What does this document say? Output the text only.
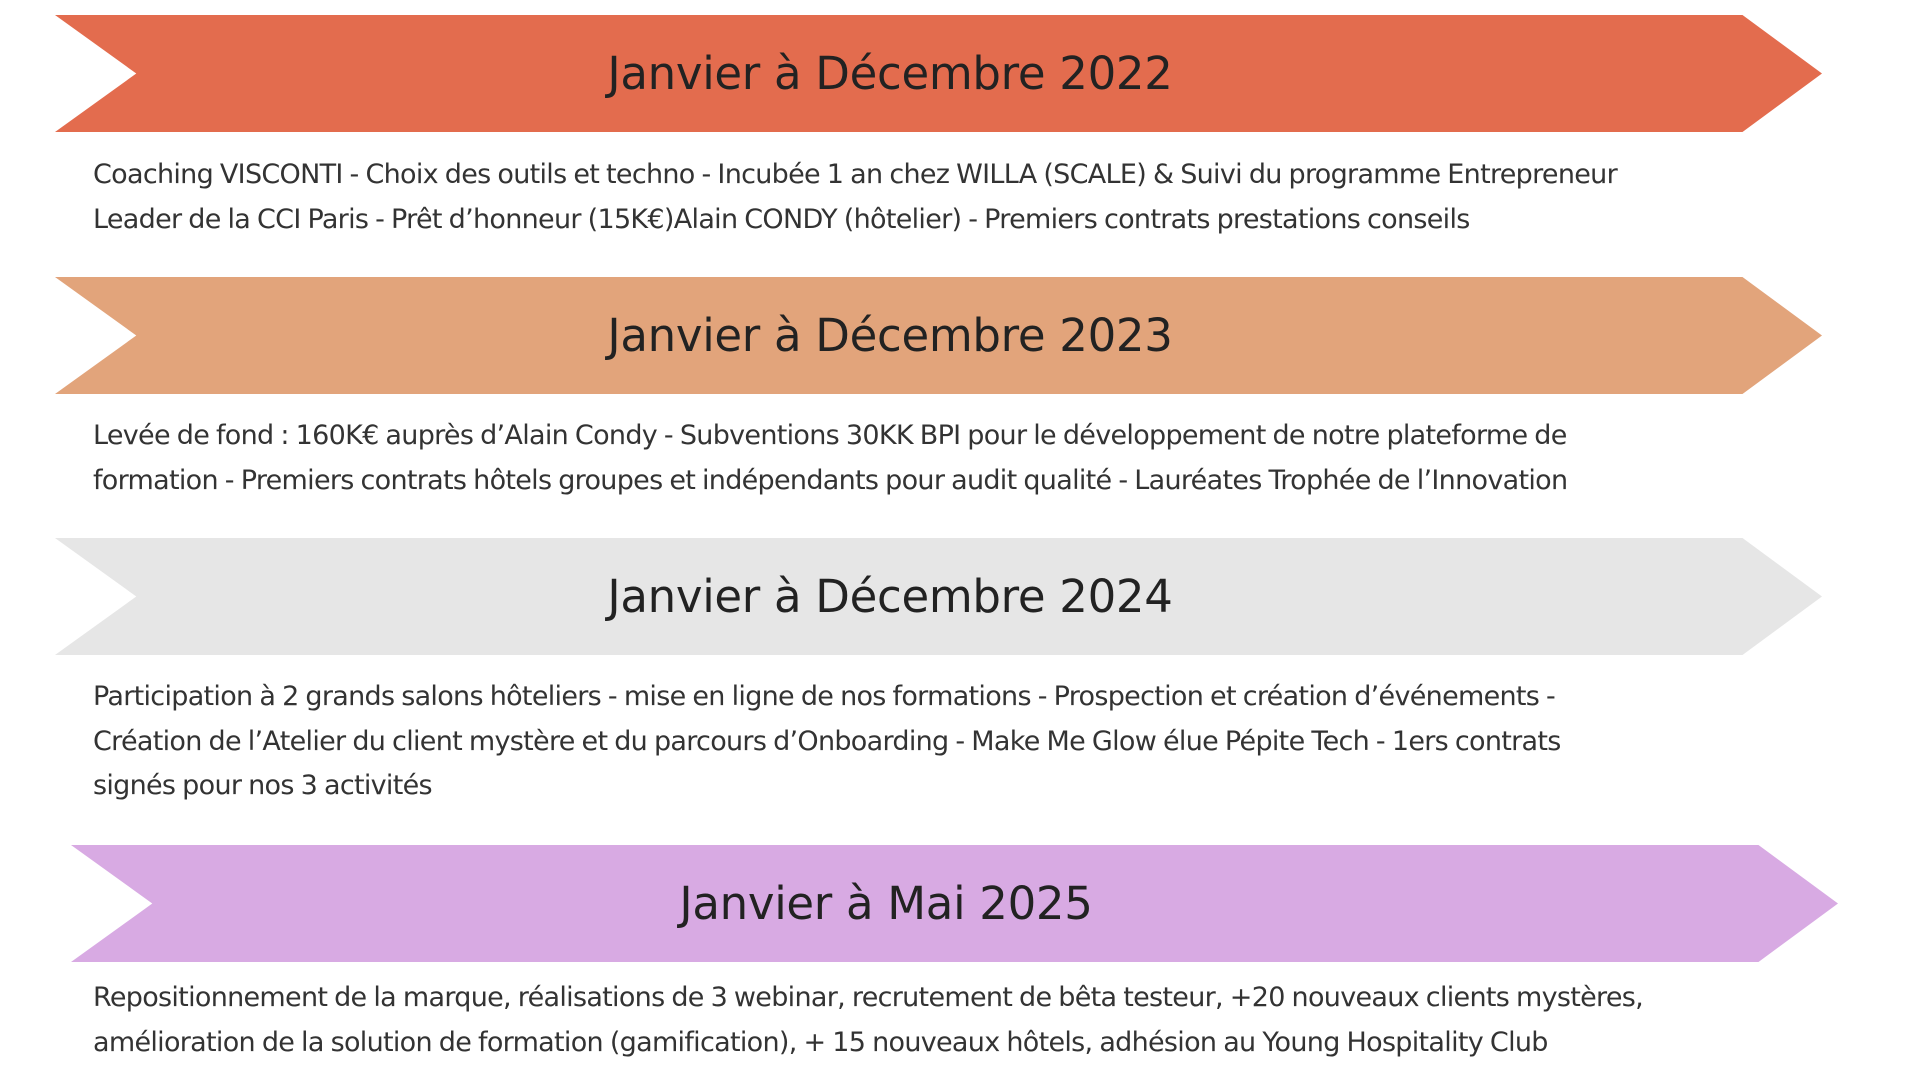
Janvier à Décembre 2022
Coaching VISCONTI - Choix des outils et techno - Incubée 1 an chez WILLA (SCALE) & Suivi du programme Entrepreneur
Leader de la CCI Paris - Prêt d’honneur (15K€)Alain CONDY (hôtelier) - Premiers contrats prestations conseils
Janvier à Décembre 2023
Levée de fond : 160K€ auprès d’Alain Condy - Subventions 30KK BPI pour le développement de notre plateforme de
formation - Premiers contrats hôtels groupes et indépendants pour audit qualité - Lauréates Trophée de l’Innovation
Janvier à Décembre 2024
Participation à 2 grands salons hôteliers - mise en ligne de nos formations - Prospection et création d’événements -
Création de l’Atelier du client mystère et du parcours d’Onboarding - Make Me Glow élue Pépite Tech - 1ers contrats
signés pour nos 3 activités
Janvier à Mai 2025
Repositionnement de la marque, réalisations de 3 webinar, recrutement de bêta testeur, +20 nouveaux clients mystères,
amélioration de la solution de formation (gamification), + 15 nouveaux hôtels, adhésion au Young Hospitality Club
